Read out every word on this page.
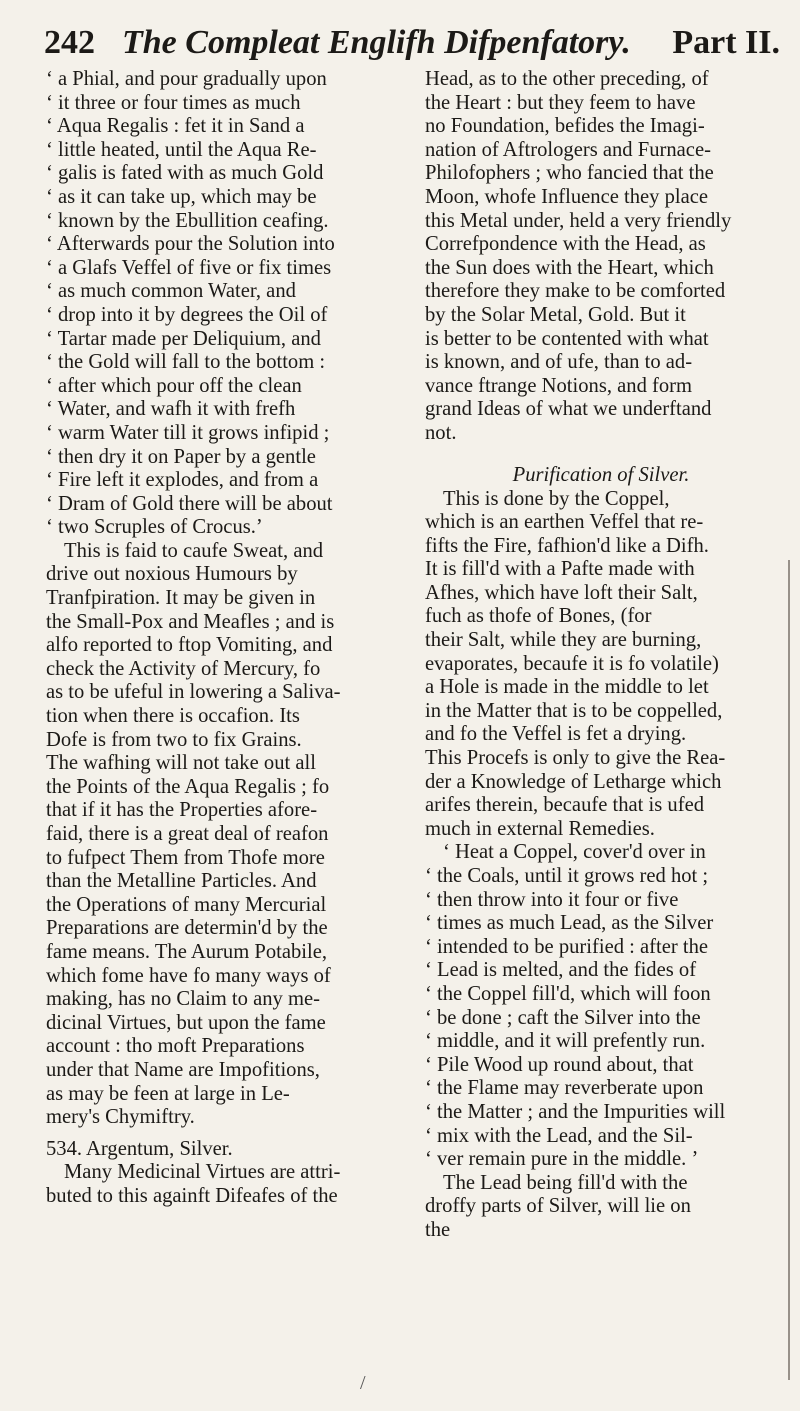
242 The Compleat Englifh Difpenfatory. Part II.
‘ a Phial, and pour gradually upon
‘ it three or four times as much
‘ Aqua Regalis : fet it in Sand a
‘ little heated, until the Aqua Re-
‘ galis is fated with as much Gold
‘ as it can take up, which may be
‘ known by the Ebullition ceafing.
‘ Afterwards pour the Solution into
‘ a Glafs Veffel of five or fix times
‘ as much common Water, and
‘ drop into it by degrees the Oil of
‘ Tartar made per Deliquium, and
‘ the Gold will fall to the bottom :
‘ after which pour off the clean
‘ Water, and wafh it with frefh
‘ warm Water till it grows infipid ;
‘ then dry it on Paper by a gentle
‘ Fire left it explodes, and from a
‘ Dram of Gold there will be about
‘ two Scruples of Crocus.’
This is faid to caufe Sweat, and
drive out noxious Humours by
Tranfpiration. It may be given in
the Small-Pox and Meafles ; and is
alfo reported to ftop Vomiting, and
check the Activity of Mercury, fo
as to be ufeful in lowering a Saliva-
tion when there is occafion. Its
Dofe is from two to fix Grains.
The wafhing will not take out all
the Points of the Aqua Regalis ; fo
that if it has the Properties afore-
faid, there is a great deal of reafon
to fufpect Them from Thofe more
than the Metalline Particles. And
the Operations of many Mercurial
Preparations are determin'd by the
fame means. The Aurum Potabile,
which fome have fo many ways of
making, has no Claim to any me-
dicinal Virtues, but upon the fame
account : tho moft Preparations
under that Name are Impofitions,
as may be feen at large in Le-
mery's Chymiftry.
534. Argentum, Silver.
Many Medicinal Virtues are attri-
buted to this againft Difeafes of the
Head, as to the other preceding, of
the Heart : but they feem to have
no Foundation, befides the Imagi-
nation of Aftrologers and Furnace-
Philofophers ; who fancied that the
Moon, whofe Influence they place
this Metal under, held a very friendly
Correfpondence with the Head, as
the Sun does with the Heart, which
therefore they make to be comforted
by the Solar Metal, Gold. But it
is better to be contented with what
is known, and of ufe, than to ad-
vance ftrange Notions, and form
grand Ideas of what we underftand
not.
Purification of Silver.
This is done by the Coppel,
which is an earthen Veffel that re-
fifts the Fire, fafhion'd like a Difh.
It is fill'd with a Pafte made with
Afhes, which have loft their Salt,
fuch as thofe of Bones, (for
their Salt, while they are burning,
evaporates, becaufe it is fo volatile)
a Hole is made in the middle to let
in the Matter that is to be coppelled,
and fo the Veffel is fet a drying.
This Procefs is only to give the Rea-
der a Knowledge of Letharge which
arifes therein, becaufe that is ufed
much in external Remedies.
‘ Heat a Coppel, cover'd over in
‘ the Coals, until it grows red hot ;
‘ then throw into it four or five
‘ times as much Lead, as the Silver
‘ intended to be purified : after the
‘ Lead is melted, and the fides of
‘ the Coppel fill'd, which will foon
‘ be done ; caft the Silver into the
‘ middle, and it will prefently run.
‘ Pile Wood up round about, that
‘ the Flame may reverberate upon
‘ the Matter ; and the Impurities will
‘ mix with the Lead, and the Sil-
‘ ver remain pure in the middle. ’
The Lead being fill'd with the
droffy parts of Silver, will lie on
the
/
